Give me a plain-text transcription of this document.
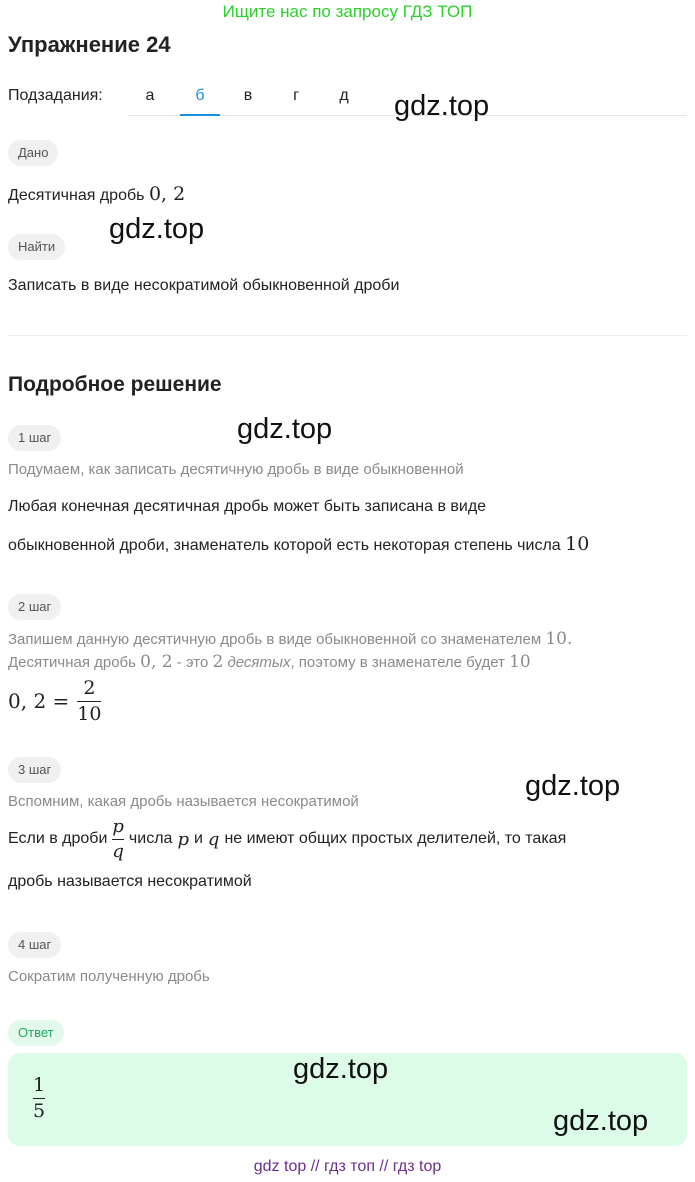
Ищите нас по запросу ГДЗ ТОП
Упражнение 24
Подзадания:	а	б	в	г	д	gdz.top
Дано
Десятичная дробь 0, 2
gdz.top
Найти
Записать в виде несократимой обыкновенной дроби
Подробное решение
gdz.top
1 шаг
Подумаем, как записать десятичную дробь в виде обыкновенной
Любая конечная десятичная дробь может быть записана в виде
обыкновенной дроби, знаменатель которой есть некоторая степень числа 10
2 шаг
Запишем данную десятичную дробь в виде обыкновенной со знаменателем 10.
Десятичная дробь 0, 2 - это 2 десятых, поэтому в знаменателе будет 10
0, $2 = \frac{2}{10}$
3 шаг
gdz.top
Вспомним, какая дробь называется несократимой
Если в дроби $\frac{p}{q}$ числа p и q не имеют общих простых делителей, то такая
дробь называется несократимой
4 шаг
Сократим полученную дробь
Ответ
$\frac{1}{5}$
gdz.top
gdz.top
gdz top // гдз топ // гдз top
